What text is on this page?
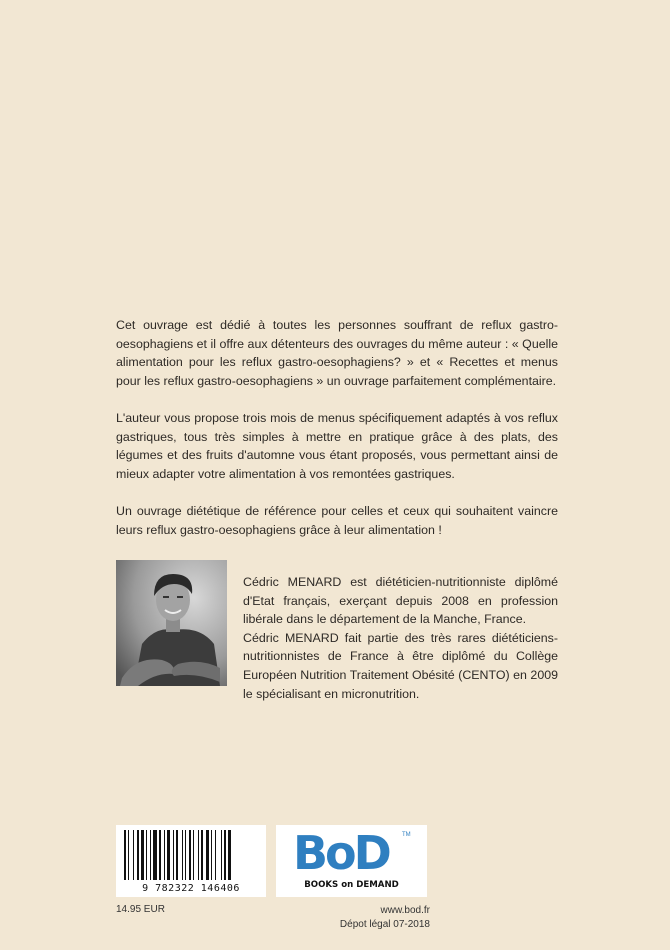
Cet ouvrage est dédié à toutes les personnes souffrant de reflux gastro-oesophagiens et il offre aux détenteurs des ouvrages du même auteur : « Quelle alimentation pour les reflux gastro-oesophagiens? » et « Recettes et menus pour les reflux gastro-oesophagiens » un ouvrage parfaitement complémentaire.

L'auteur vous propose trois mois de menus spécifiquement adaptés à vos reflux gastriques, tous très simples à mettre en pratique grâce à des plats, des légumes et des fruits d'automne vous étant proposés, vous permettant ainsi de mieux adapter votre alimentation à vos remontées gastriques.

Un ouvrage diététique de référence pour celles et ceux qui souhaitent vaincre leurs reflux gastro-oesophagiens grâce à leur alimentation !

Cédric MENARD est diététicien-nutritionniste diplômé d'Etat français, exerçant depuis 2008 en profession libérale dans le département de la Manche, France.

Cédric MENARD fait partie des très rares diététiciens-nutritionnistes de France à être diplômé du Collège Européen Nutrition Traitement Obésité (CENTO) en 2009 le spécialisant en micronutrition.

9 782322 146406
BoD TM
BOOKS on DEMAND
14.95 EUR	www.bod.fr
Dépot légal 07-2018
